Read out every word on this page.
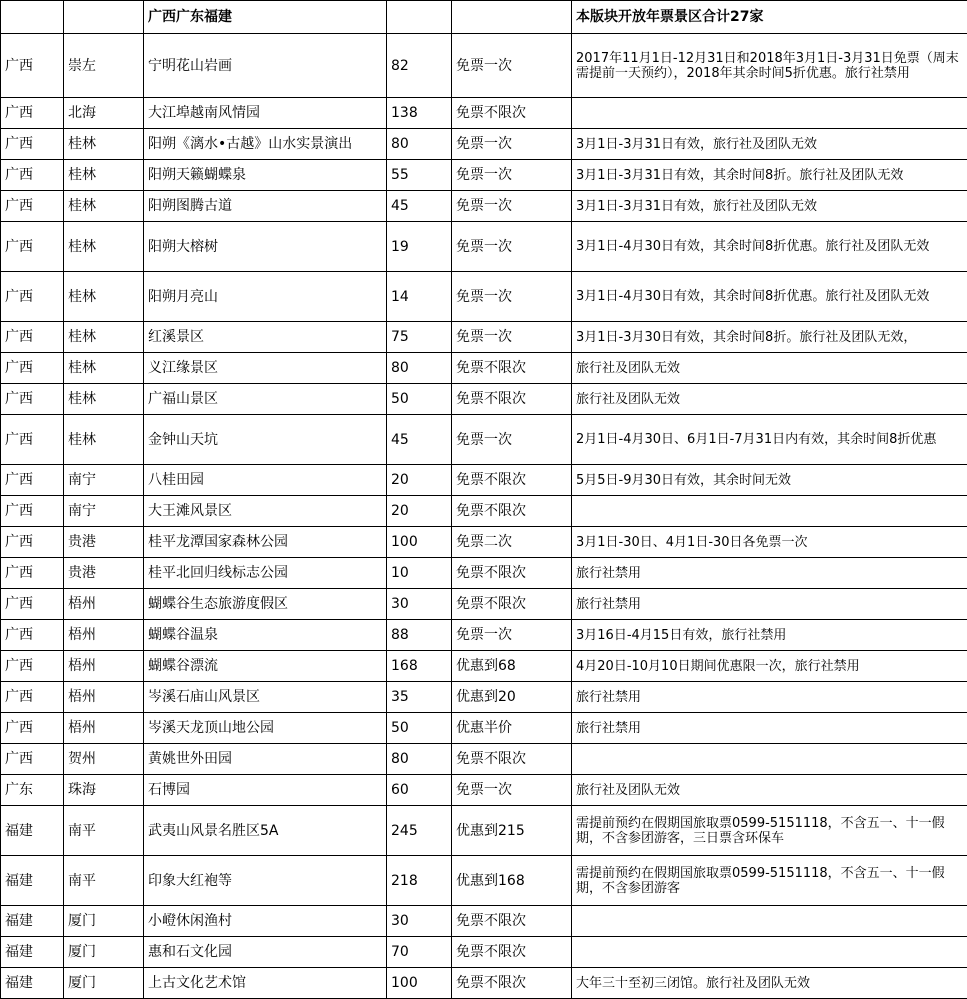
		广西广东福建			本版块开放年票景区合计27家
广西	崇左	宁明花山岩画	82	免票一次	2017年11月1日-12月31日和2018年3月1日-3月31日免票（周末需提前一天预约），2018年其余时间5折优惠。旅行社禁用
广西	北海	大江埠越南风情园	138	免票不限次	
广西	桂林	阳朔《漓水•古越》山水实景演出	80	免票一次	3月1日-3月31日有效，旅行社及团队无效
广西	桂林	阳朔天籁蝴蝶泉	55	免票一次	3月1日-3月31日有效，其余时间8折。旅行社及团队无效
广西	桂林	阳朔图腾古道	45	免票一次	3月1日-3月31日有效，旅行社及团队无效
广西	桂林	阳朔大榕树	19	免票一次	3月1日-4月30日有效，其余时间8折优惠。旅行社及团队无效
广西	桂林	阳朔月亮山	14	免票一次	3月1日-4月30日有效，其余时间8折优惠。旅行社及团队无效
广西	桂林	红溪景区	75	免票一次	3月1日-3月30日有效，其余时间8折。旅行社及团队无效，
广西	桂林	义江缘景区	80	免票不限次	旅行社及团队无效
广西	桂林	广福山景区	50	免票不限次	旅行社及团队无效
广西	桂林	金钟山天坑	45	免票一次	2月1日-4月30日、6月1日-7月31日内有效，其余时间8折优惠
广西	南宁	八桂田园	20	免票不限次	5月5日-9月30日有效，其余时间无效
广西	南宁	大王滩风景区	20	免票不限次	
广西	贵港	桂平龙潭国家森林公园	100	免票二次	3月1日-30日、4月1日-30日各免票一次
广西	贵港	桂平北回归线标志公园	10	免票不限次	旅行社禁用
广西	梧州	蝴蝶谷生态旅游度假区	30	免票不限次	旅行社禁用
广西	梧州	蝴蝶谷温泉	88	免票一次	3月16日-4月15日有效，旅行社禁用
广西	梧州	蝴蝶谷漂流	168	优惠到68	4月20日-10月10日期间优惠限一次，旅行社禁用
广西	梧州	岑溪石庙山风景区	35	优惠到20	旅行社禁用
广西	梧州	岑溪天龙顶山地公园	50	优惠半价	旅行社禁用
广西	贺州	黄姚世外田园	80	免票不限次	
广东	珠海	石博园	60	免票一次	旅行社及团队无效
福建	南平	武夷山风景名胜区5A	245	优惠到215	需提前预约在假期国旅取票0599-5151118，不含五一、十一假期，不含参团游客，三日票含环保车
福建	南平	印象大红袍等	218	优惠到168	需提前预约在假期国旅取票0599-5151118，不含五一、十一假期，不含参团游客
福建	厦门	小嶝休闲渔村	30	免票不限次	
福建	厦门	惠和石文化园	70	免票不限次	
福建	厦门	上古文化艺术馆	100	免票不限次	大年三十至初三闭馆。旅行社及团队无效
